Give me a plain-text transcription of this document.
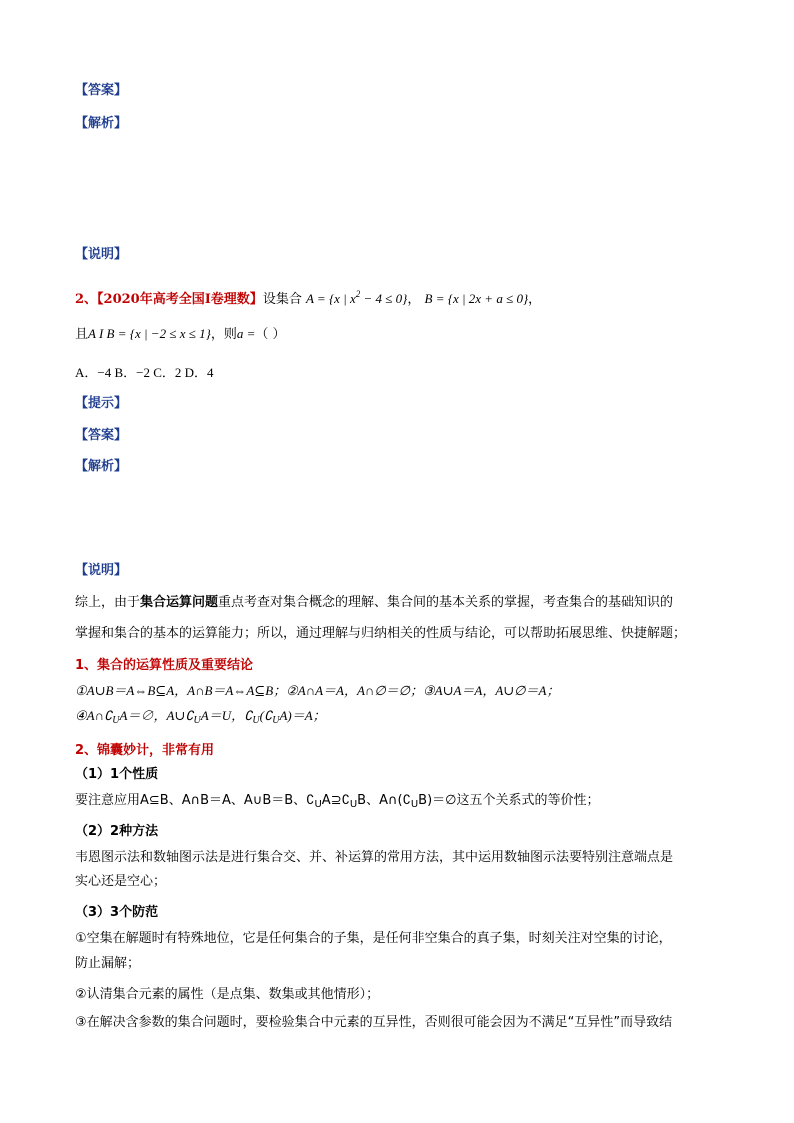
【答案】
【解析】
【说明】
2、【2020年高考全国Ⅰ卷理数】设集合 A = {x | $x^2 - 4 \le 0$}， B = {x | 2x + a ≤ 0}，
且A I B = {x | −2 ≤ x ≤ 1}，则a =（ ）
A．−4 B．−2 C．2 D．4
【提示】
【答案】
【解析】
【说明】
综上，由于集合运算问题重点考查对集合概念的理解、集合间的基本关系的掌握，考查集合的基础知识的
掌握和集合的基本的运算能力；所以，通过理解与归纳相关的性质与结论，可以帮助拓展思维、快捷解题；
1、集合的运算性质及重要结论
①A∪B＝A⇔B⊆A，A∩B＝A⇔A⊆B；②A∩A＝A，A∩∅＝∅；③A∪A＝A，A∪∅＝A；
$④A\cap∁_UA=\emptyset$，$A\cup∁_UA=U$，$∁_U(∁_UA)=A$；
2、锦囊妙计，非常有用
（1）1个性质
要注意应用A⊆B、A∩B＝A、A∪B＝B、$∁_UA⊇∁_UB$、$A\cap(∁_UB)=\emptyset$这五个关系式的等价性；
（2）2种方法
韦恩图示法和数轴图示法是进行集合交、并、补运算的常用方法，其中运用数轴图示法要特别注意端点是
实心还是空心；
（3）3个防范
①空集在解题时有特殊地位，它是任何集合的子集，是任何非空集合的真子集，时刻关注对空集的讨论，
防止漏解；
②认清集合元素的属性（是点集、数集或其他情形）；
③在解决含参数的集合问题时，要检验集合中元素的互异性，否则很可能会因为不满足“互异性”而导致结
